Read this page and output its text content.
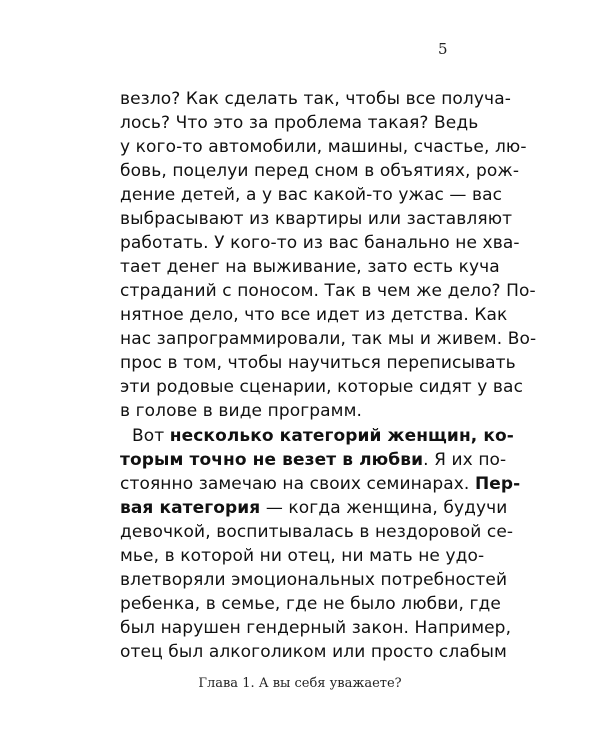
5
везло? Как сделать так, чтобы все получа-
лось? Что это за проблема такая? Ведь
у кого-то автомобили, машины, счастье, лю-
бовь, поцелуи перед сном в объятиях, рож-
дение детей, а у вас какой-то ужас — вас
выбрасывают из квартиры или заставляют
работать. У кого-то из вас банально не хва-
тает денег на выживание, зато есть куча
страданий с поносом. Так в чем же дело? По-
нятное дело, что все идет из детства. Как
нас запрограммировали, так мы и живем. Во-
прос в том, чтобы научиться переписывать
эти родовые сценарии, которые сидят у вас
в голове в виде программ.
Вот несколько категорий женщин, ко-
торым точно не везет в любви. Я их по-
стоянно замечаю на своих семинарах. Пер-
вая категория — когда женщина, будучи
девочкой, воспитывалась в нездоровой се-
мье, в которой ни отец, ни мать не удо-
влетворяли эмоциональных потребностей
ребенка, в семье, где не было любви, где
был нарушен гендерный закон. Например,
отец был алкоголиком или просто слабым
Глава 1. А вы себя уважаете?
